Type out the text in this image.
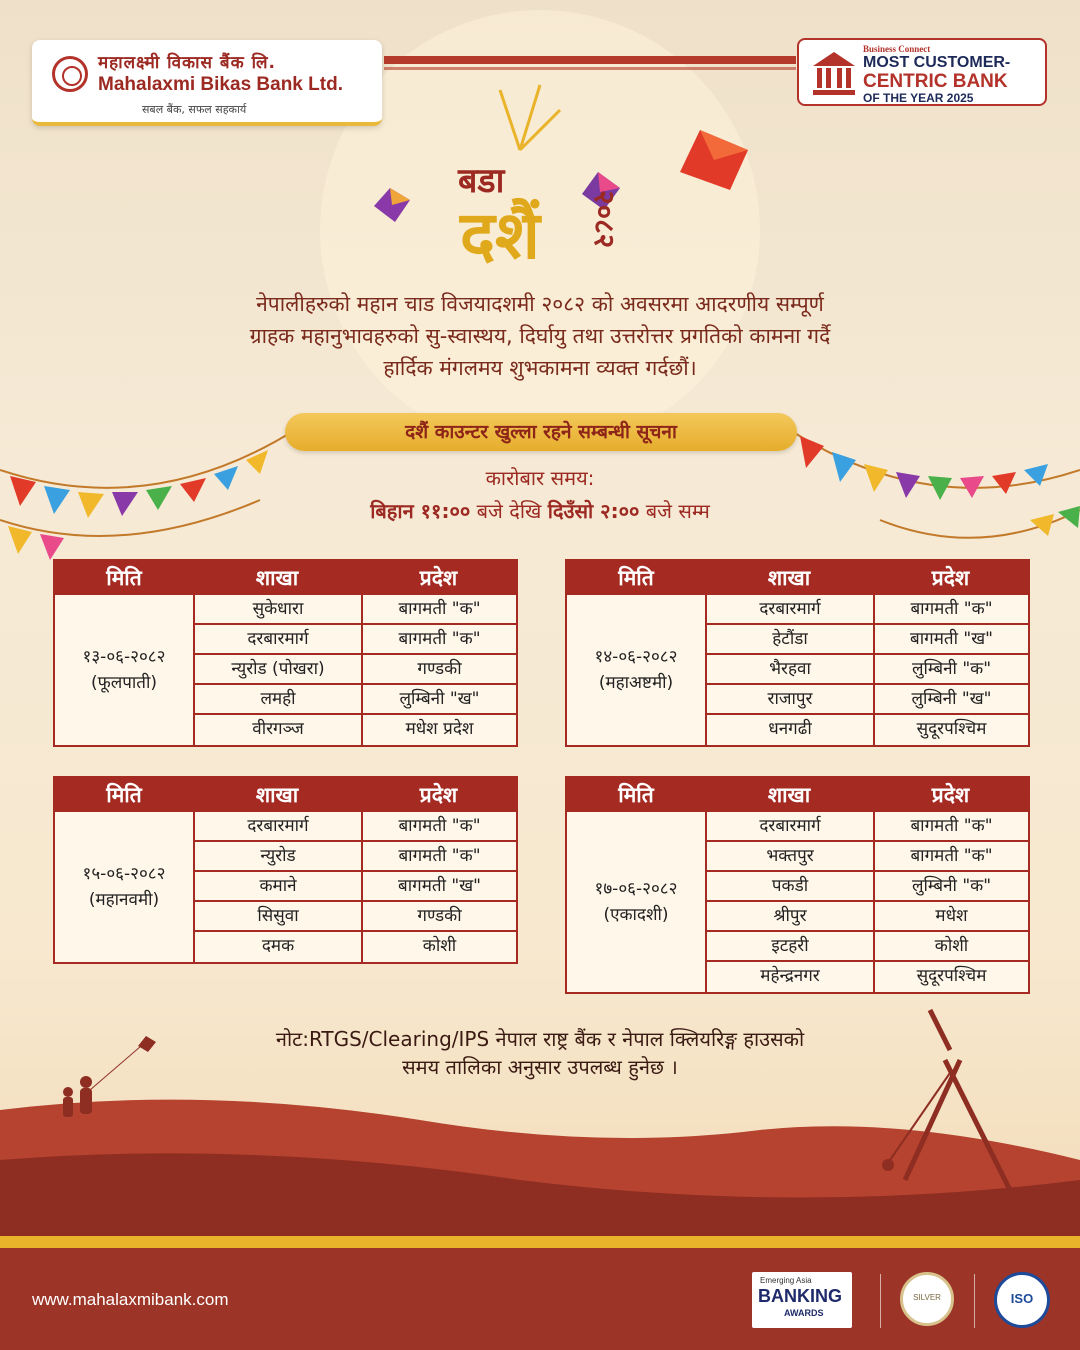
महालक्ष्मी विकास बैंक लि.
Mahalaxmi Bikas Bank Ltd.
सबल बैंक, सफल सहकार्य
Business Connect
MOST CUSTOMER-
CENTRIC BANK
OF THE YEAR 2025
बडा
दशैं २०८२
नेपालीहरुको महान चाड विजयादशमी २०८२ को अवसरमा आदरणीय सम्पूर्ण
ग्राहक महानुभावहरुको सु-स्वास्थय, दिर्घायु तथा उत्तरोत्तर प्रगतिको कामना गर्दै
हार्दिक मंगलमय शुभकामना व्यक्त गर्दछौं।
दशैं काउन्टर खुल्ला रहने सम्बन्धी सूचना
कारोबार समय:
बिहान ११:०० बजे देखि दिउँसो २:०० बजे सम्म
मिति	शाखा	प्रदेश
१३-०६-२०८२
(फूलपाती)
सुकेधारा	बागमती "क"
दरबारमार्ग	बागमती "क"
न्युरोड (पोखरा)	गण्डकी
लमही	लुम्बिनी "ख"
वीरगञ्ज	मधेश प्रदेश
मिति	शाखा	प्रदेश
१४-०६-२०८२
(महाअष्टमी)
दरबारमार्ग	बागमती "क"
हेटौंडा	बागमती "ख"
भैरहवा	लुम्बिनी "क"
राजापुर	लुम्बिनी "ख"
धनगढी	सुदूरपश्चिम
मिति	शाखा	प्रदेश
१५-०६-२०८२
(महानवमी)
दरबारमार्ग	बागमती "क"
न्युरोड	बागमती "क"
कमाने	बागमती "ख"
सिसुवा	गण्डकी
दमक	कोशी
मिति	शाखा	प्रदेश
१७-०६-२०८२
(एकादशी)
दरबारमार्ग	बागमती "क"
भक्तपुर	बागमती "क"
पकडी	लुम्बिनी "क"
श्रीपुर	मधेश
इटहरी	कोशी
महेन्द्रनगर	सुदूरपश्चिम
नोट:RTGS/Clearing/IPS नेपाल राष्ट्र बैंक र नेपाल क्लियरिङ्ग हाउसको
समय तालिका अनुसार उपलब्ध हुनेछ ।
www.mahalaxmibank.com
Emerging Asia
BANKING
AWARDS
SILVER	ISO
